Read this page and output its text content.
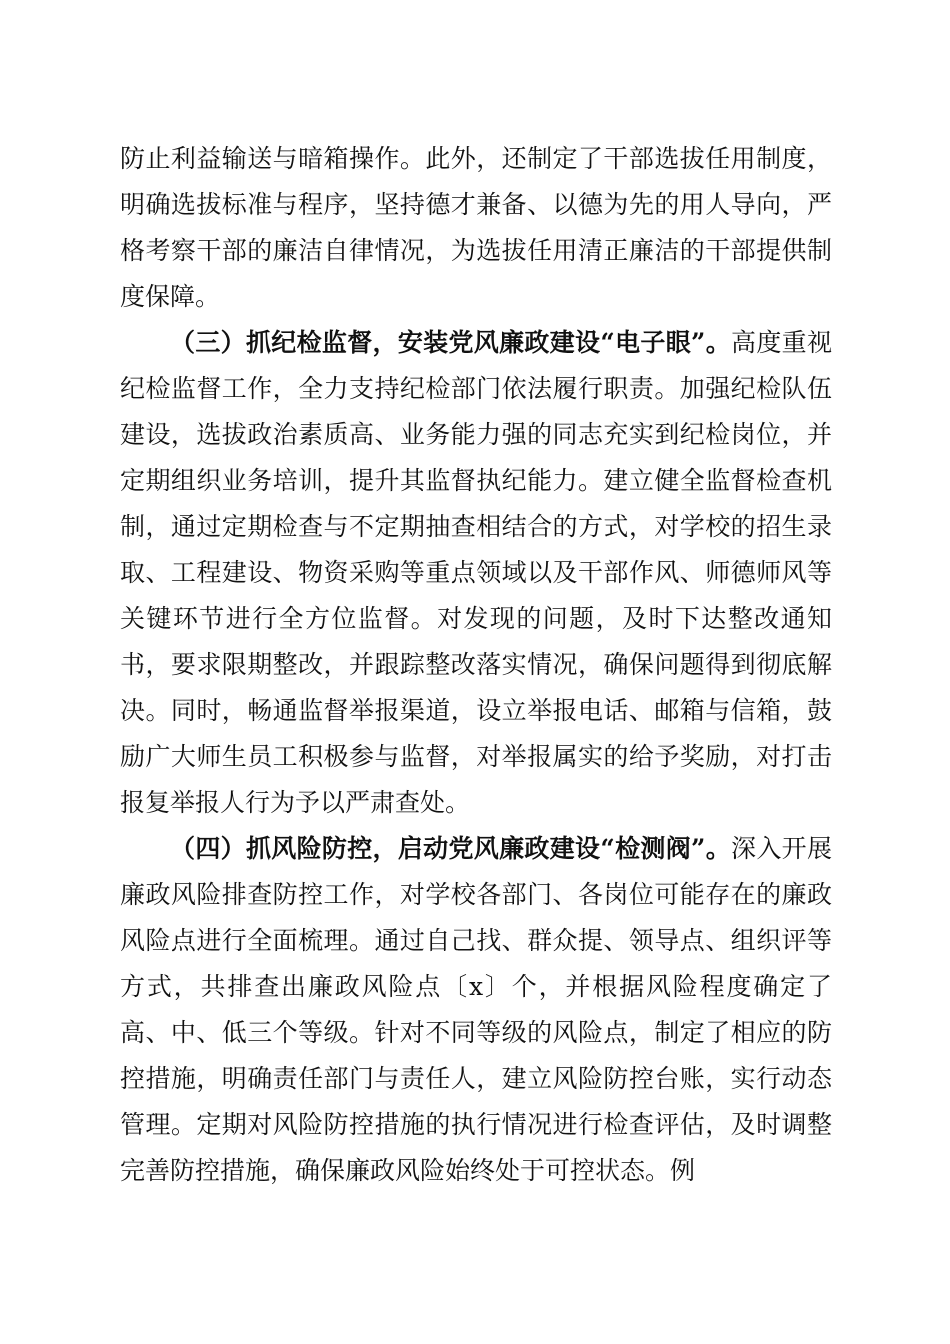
防止利益输送与暗箱操作。此外，还制定了干部选拔任用制度，明确选拔标准与程序，坚持德才兼备、以德为先的用人导向，严格考察干部的廉洁自律情况，为选拔任用清正廉洁的干部提供制度保障。

（三）抓纪检监督，安装党风廉政建设“电子眼”。高度重视纪检监督工作，全力支持纪检部门依法履行职责。加强纪检队伍建设，选拔政治素质高、业务能力强的同志充实到纪检岗位，并定期组织业务培训，提升其监督执纪能力。建立健全监督检查机制，通过定期检查与不定期抽查相结合的方式，对学校的招生录取、工程建设、物资采购等重点领域以及干部作风、师德师风等关键环节进行全方位监督。对发现的问题，及时下达整改通知书，要求限期整改，并跟踪整改落实情况，确保问题得到彻底解决。同时，畅通监督举报渠道，设立举报电话、邮箱与信箱，鼓励广大师生员工积极参与监督，对举报属实的给予奖励，对打击报复举报人行为予以严肃查处。

（四）抓风险防控，启动党风廉政建设“检测阀”。深入开展廉政风险排查防控工作，对学校各部门、各岗位可能存在的廉政风险点进行全面梳理。通过自己找、群众提、领导点、组织评等方式，共排查出廉政风险点〔x〕个，并根据风险程度确定了高、中、低三个等级。针对不同等级的风险点，制定了相应的防控措施，明确责任部门与责任人，建立风险防控台账，实行动态管理。定期对风险防控措施的执行情况进行检查评估，及时调整完善防控措施，确保廉政风险始终处于可控状态。例
